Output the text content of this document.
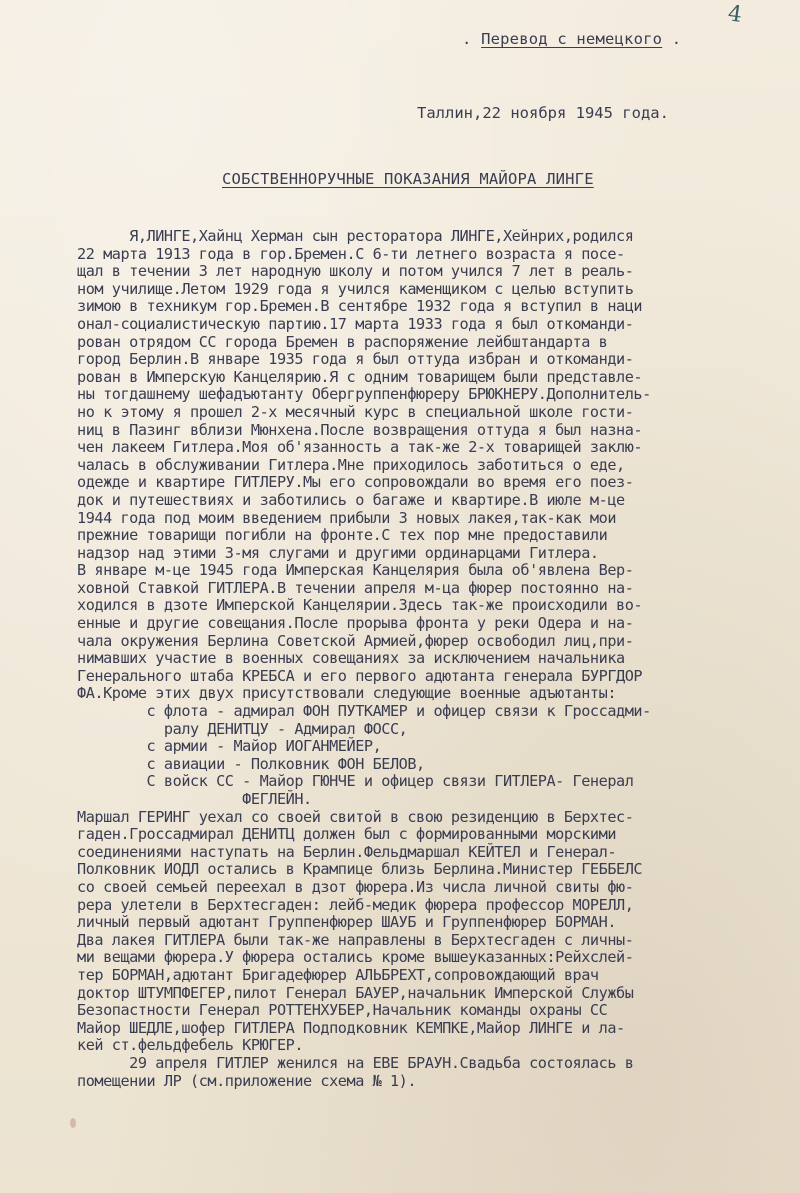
4
. Перевод с немецкого .
Таллин,22 ноября 1945 года.
СОБСТВЕННОРУЧНЫЕ ПОКАЗАНИЯ МАЙОРА ЛИНГЕ
Я,ЛИНГЕ,Хайнц Херман сын ресторатора ЛИНГЕ,Хейнрих,родился
22 марта 1913 года в гор.Бремен.С 6-ти летнего возраста я посе-
щал в течении 3 лет народную школу и потом учился 7 лет в реаль-
ном училище.Летом 1929 года я учился каменщиком с целью вступить
зимою в техникум гор.Бремен.В сентябре 1932 года я вступил в наци
онал-социалистическую партию.17 марта 1933 года я был откоманди-
рован отрядом СС города Бремен в распоряжение лейбштандарта в
город Берлин.В январе 1935 года я был оттуда избран и откоманди-
рован в Имперскую Канцелярию.Я с одним товарищем были представле-
ны тогдашнему шефадъютанту Обергруппенфюреру БРЮКНЕРУ.Дополнитель-
но к этому я прошел 2-х месячный курс в специальной школе гости-
ниц в Пазинг вблизи Мюнхена.После возвращения оттуда я был назна-
чен лакеем Гитлера.Моя об'язанность а так-же 2-х товарищей заклю-
чалась в обслуживании Гитлера.Мне приходилось заботиться о еде,
одежде и квартире ГИТЛЕРУ.Мы его сопровождали во время его поез-
док и путешествиях и заботились о багаже и квартире.В июле м-це
1944 года под моим введением прибыли 3 новых лакея,так-как мои
прежние товарищи погибли на фронте.С тех пор мне предоставили
надзор над этими 3-мя слугами и другими ординарцами Гитлера.
В январе м-це 1945 года Имперская Канцелярия была об'явлена Вер-
ховной Ставкой ГИТЛЕРА.В течении апреля м-ца фюрер постоянно на-
ходился в дзоте Имперской Канцелярии.Здесь так-же происходили во-
енные и другие совещания.После прорыва фронта у реки Одера и на-
чала окружения Берлина Советской Армией,фюрер освободил лиц,при-
нимавших участие в военных совещаниях за исключением начальника
Генерального штаба КРЕБСА и его первого адютанта генерала БУРГДОР
ФА.Кроме этих двух присутствовали следующие военные адъютанты:
с флота - адмирал ФОН ПУТКАМЕР и офицер связи к Гроссадми-
ралу ДЕНИТЦУ - Адмирал ФОСС,
с армии - Майор ИОГАНМЕЙЕР,
с авиации - Полковник ФОН БЕЛОВ,
С войск СС - Майор ГЮНЧЕ и офицер связи ГИТЛЕРА- Генерал
ФЕГЛЕЙН.
Маршал ГЕРИНГ уехал со своей свитой в свою резиденцию в Берхтес-
гаден.Гроссадмирал ДЕНИТЦ должен был с формированными морскими
соединениями наступать на Берлин.Фельдмаршал КЕЙТЕЛ и Генерал-
Полковник ИОДЛ остались в Крампице близь Берлина.Министер ГЕББЕЛС
со своей семьей переехал в дзот фюрера.Из числа личной свиты фю-
рера улетели в Берхтесгаден: лейб-медик фюрера профессор МОРЕЛЛ,
личный первый адютант Группенфюрер ШАУБ и Группенфюрер БОРМАН.
Два лакея ГИТЛЕРА были так-же направлены в Берхтесгаден с личны-
ми вещами фюрера.У фюрера остались кроме вышеуказанных:Рейхслей-
тер БОРМАН,адютант Бригадефюрер АЛЬБРЕХТ,сопровождающий врач
доктор ШТУМПФЕГЕР,пилот Генерал БАУЕР,начальник Имперской Службы
Безопастности Генерал РОТТЕНХУБЕР,Начальник команды охраны СС
Майор ШЕДЛЕ,шофер ГИТЛЕРА Подподковник КЕМПКЕ,Майор ЛИНГЕ и ла-
кей ст.фельдфебель КРЮГЕР.
29 апреля ГИТЛЕР женился на ЕВЕ БРАУН.Свадьба состоялась в
помещении ЛР (см.приложение схема № 1).
